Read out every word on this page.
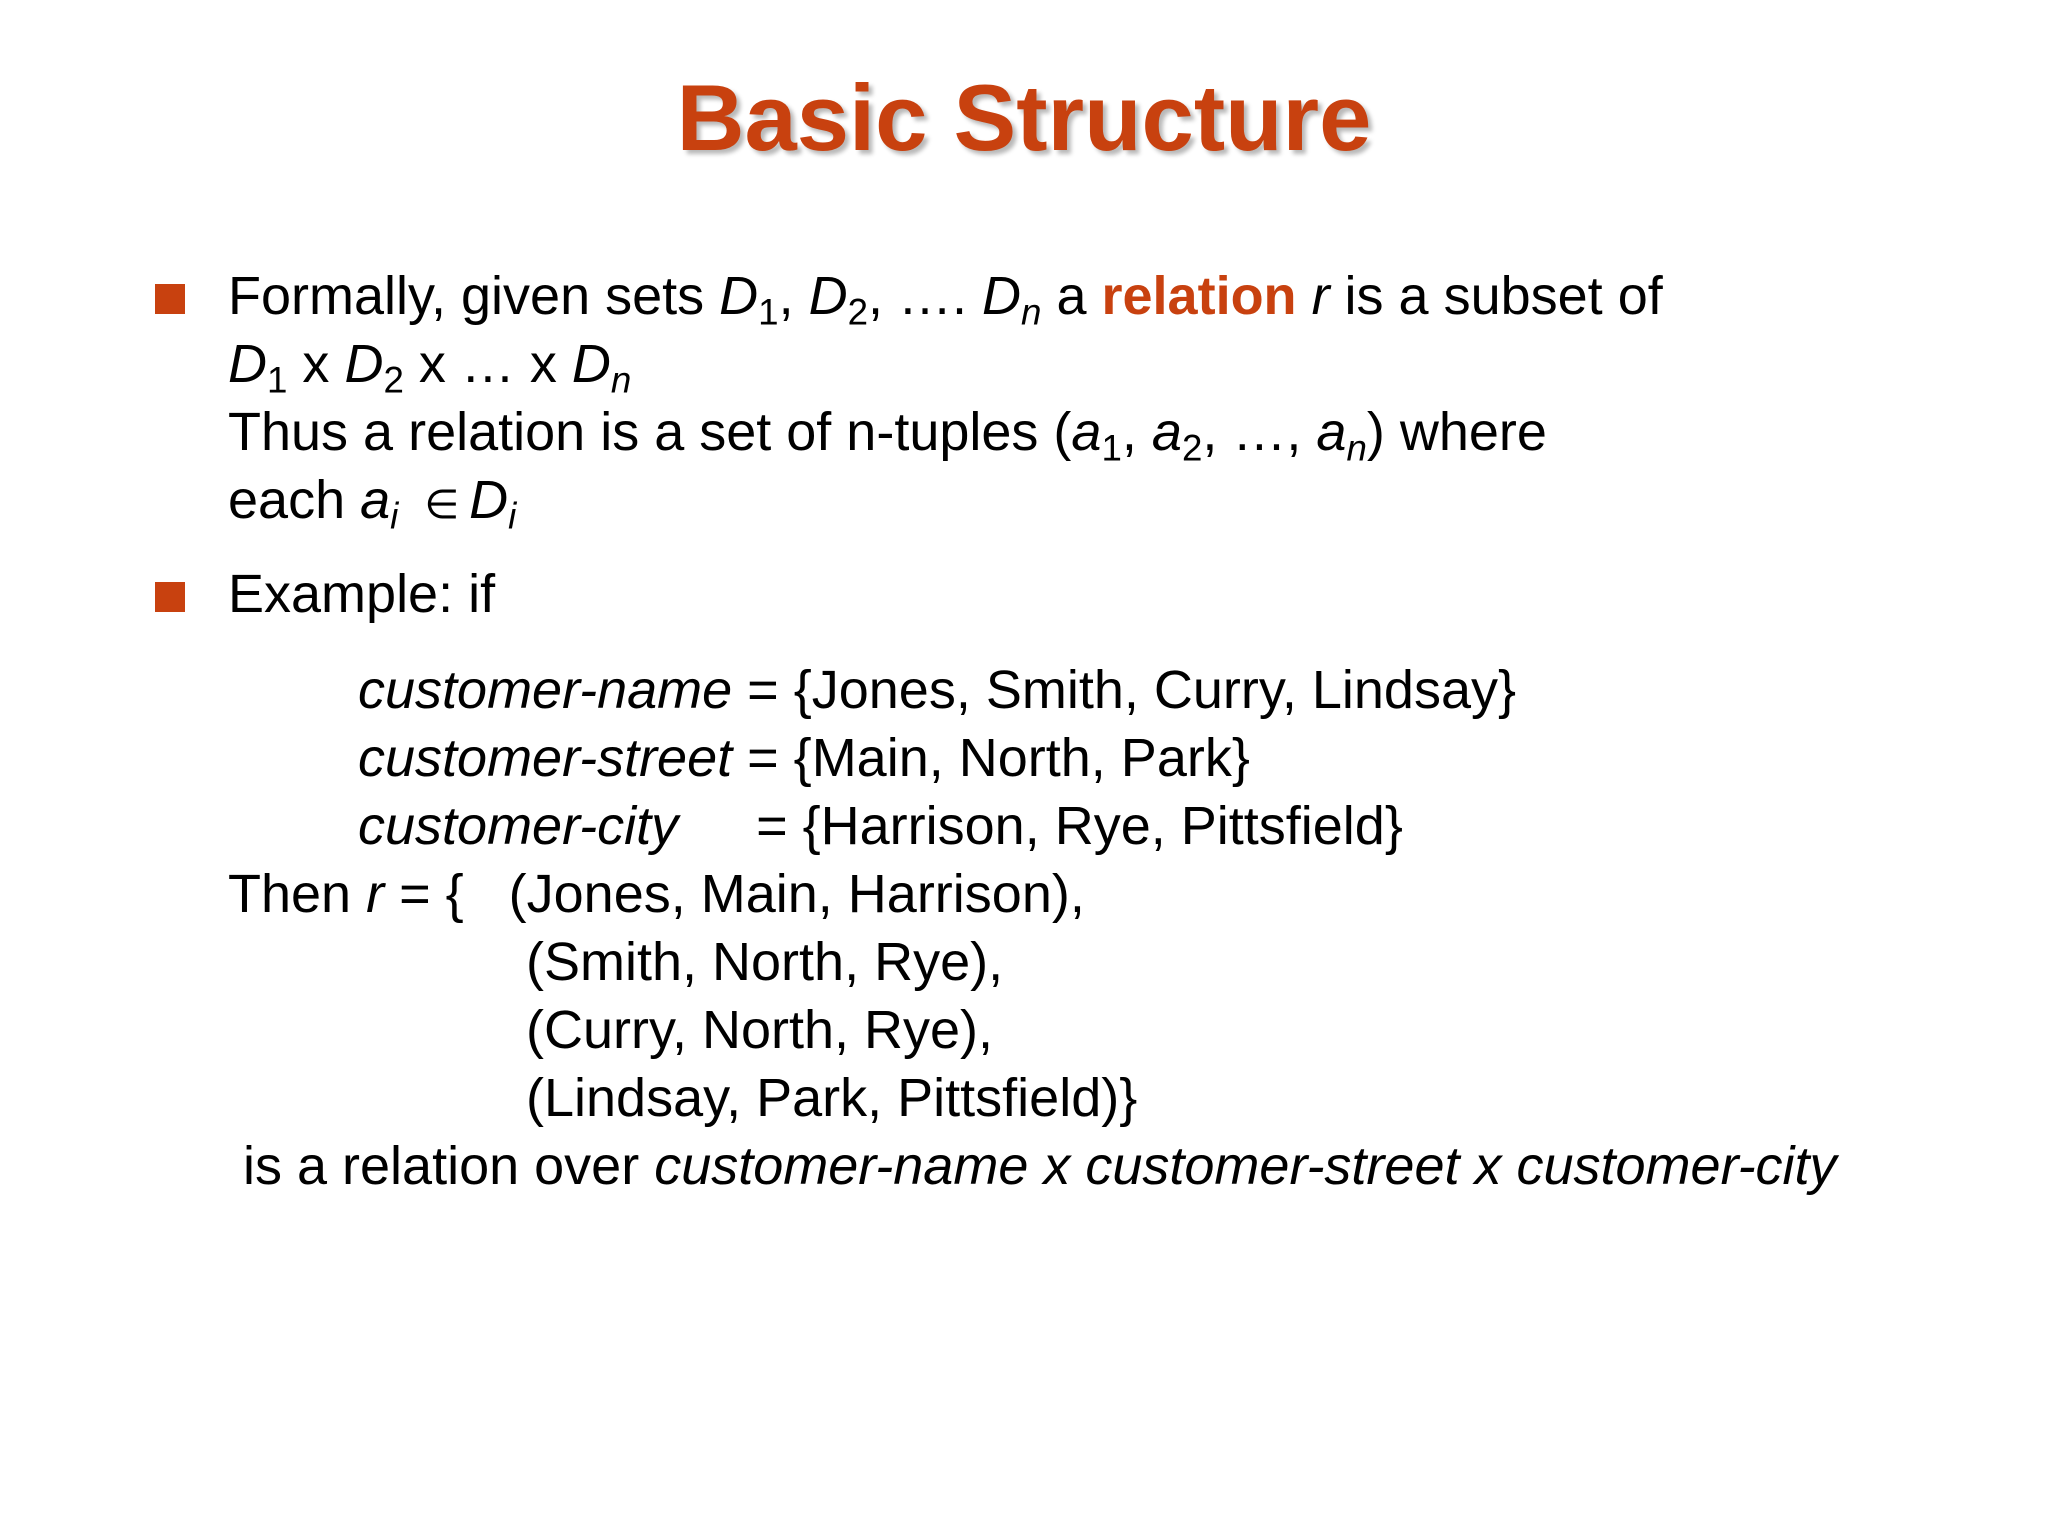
Basic Structure
Formally, given sets $D_1$, $D_2$, …. $D_n$ a relation r is a subset of
$D_1$ x $D_2$ x … x $D_n$
Thus a relation is a set of n-tuples ($a_1$, $a_2$, …, $a_n$) where
each $a_i$ ∈ $D_i$
Example: if
customer-name = {Jones, Smith, Curry, Lindsay}
customer-street = {Main, North, Park}
customer-city = {Harrison, Rye, Pittsfield}
Then r = {   (Jones, Main, Harrison),
(Smith, North, Rye),
(Curry, North, Rye),
(Lindsay, Park, Pittsfield)}
is a relation over customer-name x customer-street x customer-city
